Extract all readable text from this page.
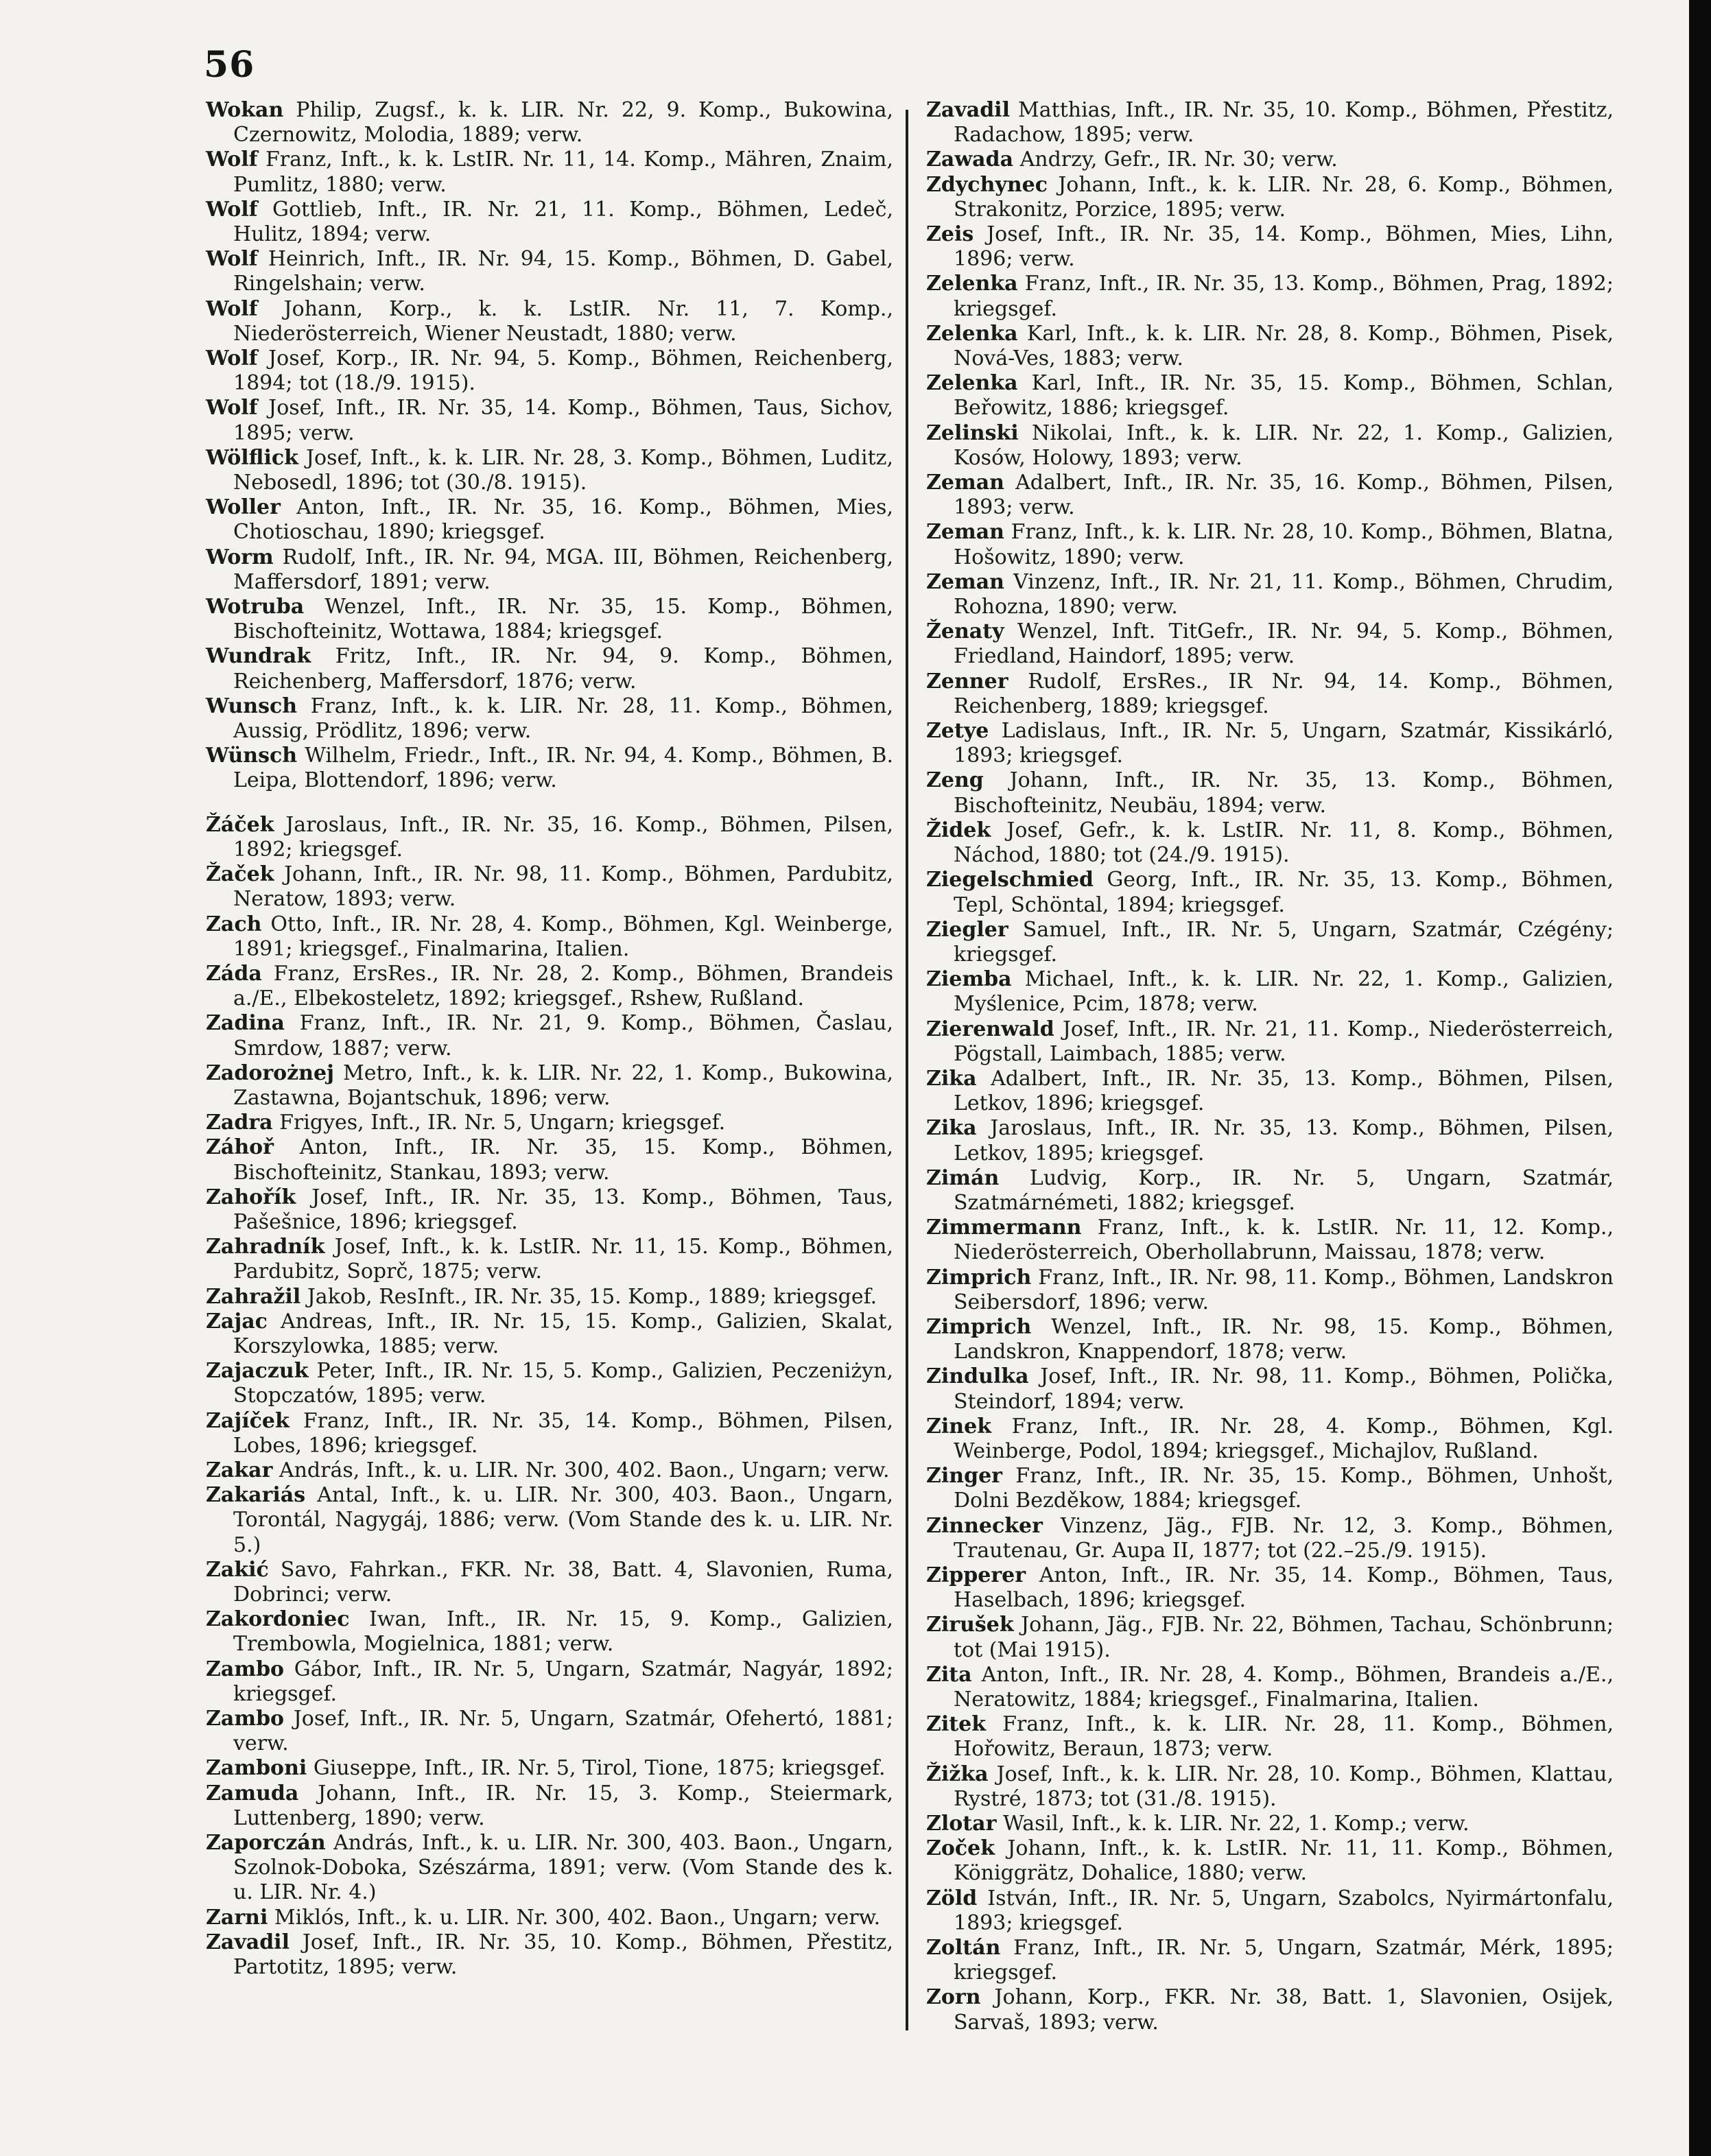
56

Wokan Philip, Zugsf., k. k. LIR. Nr. 22, 9. Komp., Bukowina, Czernowitz, Molodia, 1889; verw.

Wolf Franz, Inft., k. k. LstIR. Nr. 11, 14. Komp., Mähren, Znaim, Pumlitz, 1880; verw.

Wolf Gottlieb, Inft., IR. Nr. 21, 11. Komp., Böhmen, Ledeč, Hulitz, 1894; verw.

Wolf Heinrich, Inft., IR. Nr. 94, 15. Komp., Böhmen, D. Gabel, Ringelshain; verw.

Wolf Johann, Korp., k. k. LstIR. Nr. 11, 7. Komp., Niederösterreich, Wiener Neustadt, 1880; verw.

Wolf Josef, Korp., IR. Nr. 94, 5. Komp., Böhmen, Reichenberg, 1894; tot (18./9. 1915).

Wolf Josef, Inft., IR. Nr. 35, 14. Komp., Böhmen, Taus, Sichov, 1895; verw.

Wölflick Josef, Inft., k. k. LIR. Nr. 28, 3. Komp., Böhmen, Luditz, Nebosedl, 1896; tot (30./8. 1915).

Woller Anton, Inft., IR. Nr. 35, 16. Komp., Böhmen, Mies, Chotioschau, 1890; kriegsgef.

Worm Rudolf, Inft., IR. Nr. 94, MGA. III, Böhmen, Reichenberg, Maffersdorf, 1891; verw.

Wotruba Wenzel, Inft., IR. Nr. 35, 15. Komp., Böhmen, Bischofteinitz, Wottawa, 1884; kriegsgef.

Wundrak Fritz, Inft., IR. Nr. 94, 9. Komp., Böhmen, Reichenberg, Maffersdorf, 1876; verw.

Wunsch Franz, Inft., k. k. LIR. Nr. 28, 11. Komp., Böhmen, Aussig, Prödlitz, 1896; verw.

Wünsch Wilhelm, Friedr., Inft., IR. Nr. 94, 4. Komp., Böhmen, B. Leipa, Blottendorf, 1896; verw.

Žáček Jaroslaus, Inft., IR. Nr. 35, 16. Komp., Böhmen, Pilsen, 1892; kriegsgef.

Žaček Johann, Inft., IR. Nr. 98, 11. Komp., Böhmen, Pardubitz, Neratow, 1893; verw.

Zach Otto, Inft., IR. Nr. 28, 4. Komp., Böhmen, Kgl. Weinberge, 1891; kriegsgef., Finalmarina, Italien.

Záda Franz, ErsRes., IR. Nr. 28, 2. Komp., Böhmen, Brandeis a./E., Elbekosteletz, 1892; kriegsgef., Rshew, Rußland.

Zadina Franz, Inft., IR. Nr. 21, 9. Komp., Böhmen, Časlau, Smrdow, 1887; verw.

Zadorożnej Metro, Inft., k. k. LIR. Nr. 22, 1. Komp., Bukowina, Zastawna, Bojantschuk, 1896; verw.

Zadra Frigyes, Inft., IR. Nr. 5, Ungarn; kriegsgef.

Záhoř Anton, Inft., IR. Nr. 35, 15. Komp., Böhmen, Bischofteinitz, Stankau, 1893; verw.

Zahořík Josef, Inft., IR. Nr. 35, 13. Komp., Böhmen, Taus, Pašešnice, 1896; kriegsgef.

Zahradník Josef, Inft., k. k. LstIR. Nr. 11, 15. Komp., Böhmen, Pardubitz, Soprč, 1875; verw.

Zahražil Jakob, ResInft., IR. Nr. 35, 15. Komp., 1889; kriegsgef.

Zajac Andreas, Inft., IR. Nr. 15, 15. Komp., Galizien, Skalat, Korszylowka, 1885; verw.

Zajaczuk Peter, Inft., IR. Nr. 15, 5. Komp., Galizien, Peczeniżyn, Stopczatów, 1895; verw.

Zajíček Franz, Inft., IR. Nr. 35, 14. Komp., Böhmen, Pilsen, Lobes, 1896; kriegsgef.

Zakar András, Inft., k. u. LIR. Nr. 300, 402. Baon., Ungarn; verw.

Zakariás Antal, Inft., k. u. LIR. Nr. 300, 403. Baon., Ungarn, Torontál, Nagygáj, 1886; verw. (Vom Stande des k. u. LIR. Nr. 5.)

Zakić Savo, Fahrkan., FKR. Nr. 38, Batt. 4, Slavonien, Ruma, Dobrinci; verw.

Zakordoniec Iwan, Inft., IR. Nr. 15, 9. Komp., Galizien, Trembowla, Mogielnica, 1881; verw.

Zambo Gábor, Inft., IR. Nr. 5, Ungarn, Szatmár, Nagyár, 1892; kriegsgef.

Zambo Josef, Inft., IR. Nr. 5, Ungarn, Szatmár, Ofehertó, 1881; verw.

Zamboni Giuseppe, Inft., IR. Nr. 5, Tirol, Tione, 1875; kriegsgef.

Zamuda Johann, Inft., IR. Nr. 15, 3. Komp., Steiermark, Luttenberg, 1890; verw.

Zaporczán András, Inft., k. u. LIR. Nr. 300, 403. Baon., Ungarn, Szolnok-Doboka, Szészárma, 1891; verw. (Vom Stande des k. u. LIR. Nr. 4.)

Zarni Miklós, Inft., k. u. LIR. Nr. 300, 402. Baon., Ungarn; verw.

Zavadil Josef, Inft., IR. Nr. 35, 10. Komp., Böhmen, Přestitz, Partotitz, 1895; verw.

Zavadil Matthias, Inft., IR. Nr. 35, 10. Komp., Böhmen, Přestitz, Radachow, 1895; verw.

Zawada Andrzy, Gefr., IR. Nr. 30; verw.

Zdychynec Johann, Inft., k. k. LIR. Nr. 28, 6. Komp., Böhmen, Strakonitz, Porzice, 1895; verw.

Zeis Josef, Inft., IR. Nr. 35, 14. Komp., Böhmen, Mies, Lihn, 1896; verw.

Zelenka Franz, Inft., IR. Nr. 35, 13. Komp., Böhmen, Prag, 1892; kriegsgef.

Zelenka Karl, Inft., k. k. LIR. Nr. 28, 8. Komp., Böhmen, Pisek, Nová-Ves, 1883; verw.

Zelenka Karl, Inft., IR. Nr. 35, 15. Komp., Böhmen, Schlan, Beřowitz, 1886; kriegsgef.

Zelinski Nikolai, Inft., k. k. LIR. Nr. 22, 1. Komp., Galizien, Kosów, Holowy, 1893; verw.

Zeman Adalbert, Inft., IR. Nr. 35, 16. Komp., Böhmen, Pilsen, 1893; verw.

Zeman Franz, Inft., k. k. LIR. Nr. 28, 10. Komp., Böhmen, Blatna, Hošowitz, 1890; verw.

Zeman Vinzenz, Inft., IR. Nr. 21, 11. Komp., Böhmen, Chrudim, Rohozna, 1890; verw.

Ženaty Wenzel, Inft. TitGefr., IR. Nr. 94, 5. Komp., Böhmen, Friedland, Haindorf, 1895; verw.

Zenner Rudolf, ErsRes., IR Nr. 94, 14. Komp., Böhmen, Reichenberg, 1889; kriegsgef.

Zetye Ladislaus, Inft., IR. Nr. 5, Ungarn, Szatmár, Kissikárló, 1893; kriegsgef.

Zeng Johann, Inft., IR. Nr. 35, 13. Komp., Böhmen, Bischofteinitz, Neubäu, 1894; verw.

Židek Josef, Gefr., k. k. LstIR. Nr. 11, 8. Komp., Böhmen, Náchod, 1880; tot (24./9. 1915).

Ziegelschmied Georg, Inft., IR. Nr. 35, 13. Komp., Böhmen, Tepl, Schöntal, 1894; kriegsgef.

Ziegler Samuel, Inft., IR. Nr. 5, Ungarn, Szatmár, Czégény; kriegsgef.

Ziemba Michael, Inft., k. k. LIR. Nr. 22, 1. Komp., Galizien, Myślenice, Pcim, 1878; verw.

Zierenwald Josef, Inft., IR. Nr. 21, 11. Komp., Niederösterreich, Pögstall, Laimbach, 1885; verw.

Zika Adalbert, Inft., IR. Nr. 35, 13. Komp., Böhmen, Pilsen, Letkov, 1896; kriegsgef.

Zika Jaroslaus, Inft., IR. Nr. 35, 13. Komp., Böhmen, Pilsen, Letkov, 1895; kriegsgef.

Zimán Ludvig, Korp., IR. Nr. 5, Ungarn, Szatmár, Szatmárnémeti, 1882; kriegsgef.

Zimmermann Franz, Inft., k. k. LstIR. Nr. 11, 12. Komp., Niederösterreich, Oberhollabrunn, Maissau, 1878; verw.

Zimprich Franz, Inft., IR. Nr. 98, 11. Komp., Böhmen, Landskron Seibersdorf, 1896; verw.

Zimprich Wenzel, Inft., IR. Nr. 98, 15. Komp., Böhmen, Landskron, Knappendorf, 1878; verw.

Zindulka Josef, Inft., IR. Nr. 98, 11. Komp., Böhmen, Polička, Steindorf, 1894; verw.

Zinek Franz, Inft., IR. Nr. 28, 4. Komp., Böhmen, Kgl. Weinberge, Podol, 1894; kriegsgef., Michajlov, Rußland.

Zinger Franz, Inft., IR. Nr. 35, 15. Komp., Böhmen, Unhošt, Dolni Bezděkow, 1884; kriegsgef.

Zinnecker Vinzenz, Jäg., FJB. Nr. 12, 3. Komp., Böhmen, Trautenau, Gr. Aupa II, 1877; tot (22.–25./9. 1915).

Zipperer Anton, Inft., IR. Nr. 35, 14. Komp., Böhmen, Taus, Haselbach, 1896; kriegsgef.

Zirušek Johann, Jäg., FJB. Nr. 22, Böhmen, Tachau, Schönbrunn; tot (Mai 1915).

Zita Anton, Inft., IR. Nr. 28, 4. Komp., Böhmen, Brandeis a./E., Neratowitz, 1884; kriegsgef., Finalmarina, Italien.

Zitek Franz, Inft., k. k. LIR. Nr. 28, 11. Komp., Böhmen, Hořowitz, Beraun, 1873; verw.

Žižka Josef, Inft., k. k. LIR. Nr. 28, 10. Komp., Böhmen, Klattau, Rystré, 1873; tot (31./8. 1915).

Zlotar Wasil, Inft., k. k. LIR. Nr. 22, 1. Komp.; verw.

Zoček Johann, Inft., k. k. LstIR. Nr. 11, 11. Komp., Böhmen, Königgrätz, Dohalice, 1880; verw.

Zöld István, Inft., IR. Nr. 5, Ungarn, Szabolcs, Nyirmártonfalu, 1893; kriegsgef.

Zoltán Franz, Inft., IR. Nr. 5, Ungarn, Szatmár, Mérk, 1895; kriegsgef.

Zorn Johann, Korp., FKR. Nr. 38, Batt. 1, Slavonien, Osijek, Sarvaš, 1893; verw.
